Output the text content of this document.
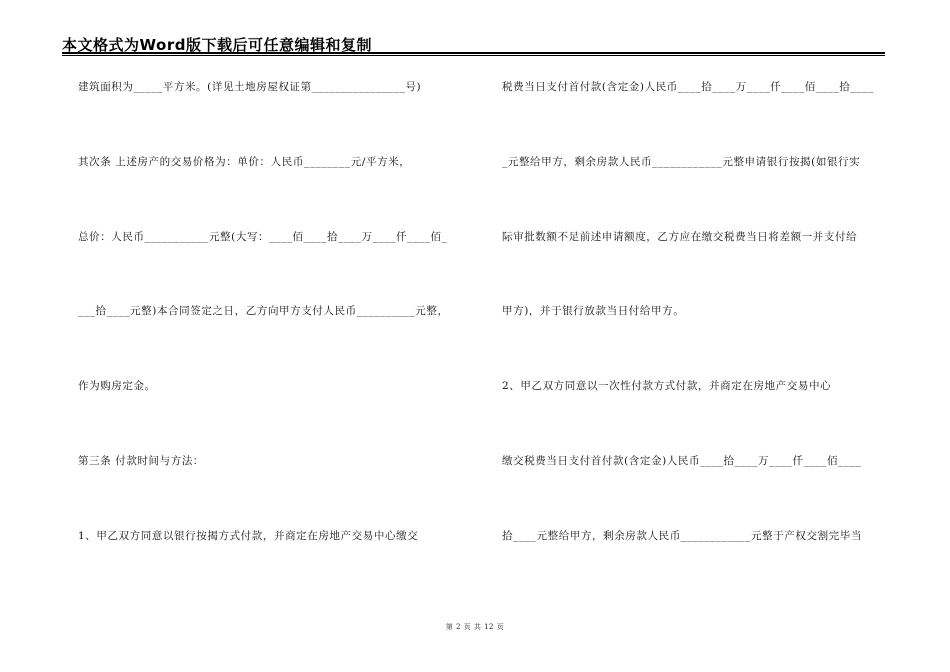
本文格式为Word版下载后可任意编辑和复制
建筑面积为_____平方米。(详见土地房屋权证第________________号)
其次条 上述房产的交易价格为：单价：人民币________元/平方米，
总价：人民币___________元整(大写：____佰____拾____万____仟____佰_
___拾____元整)本合同签定之日，乙方向甲方支付人民币__________元整，
作为购房定金。
第三条 付款时间与方法：
1、甲乙双方同意以银行按揭方式付款，并商定在房地产交易中心缴交
税费当日支付首付款(含定金)人民币____拾____万____仟____佰____拾____
_元整给甲方，剩余房款人民币____________元整申请银行按揭(如银行实
际审批数额不足前述申请额度，乙方应在缴交税费当日将差额一并支付给
甲方)，并于银行放款当日付给甲方。
2、甲乙双方同意以一次性付款方式付款，并商定在房地产交易中心
缴交税费当日支付首付款(含定金)人民币____拾____万____仟____佰____
拾____元整给甲方，剩余房款人民币____________元整于产权交割完毕当
第 2 页 共 12 页
